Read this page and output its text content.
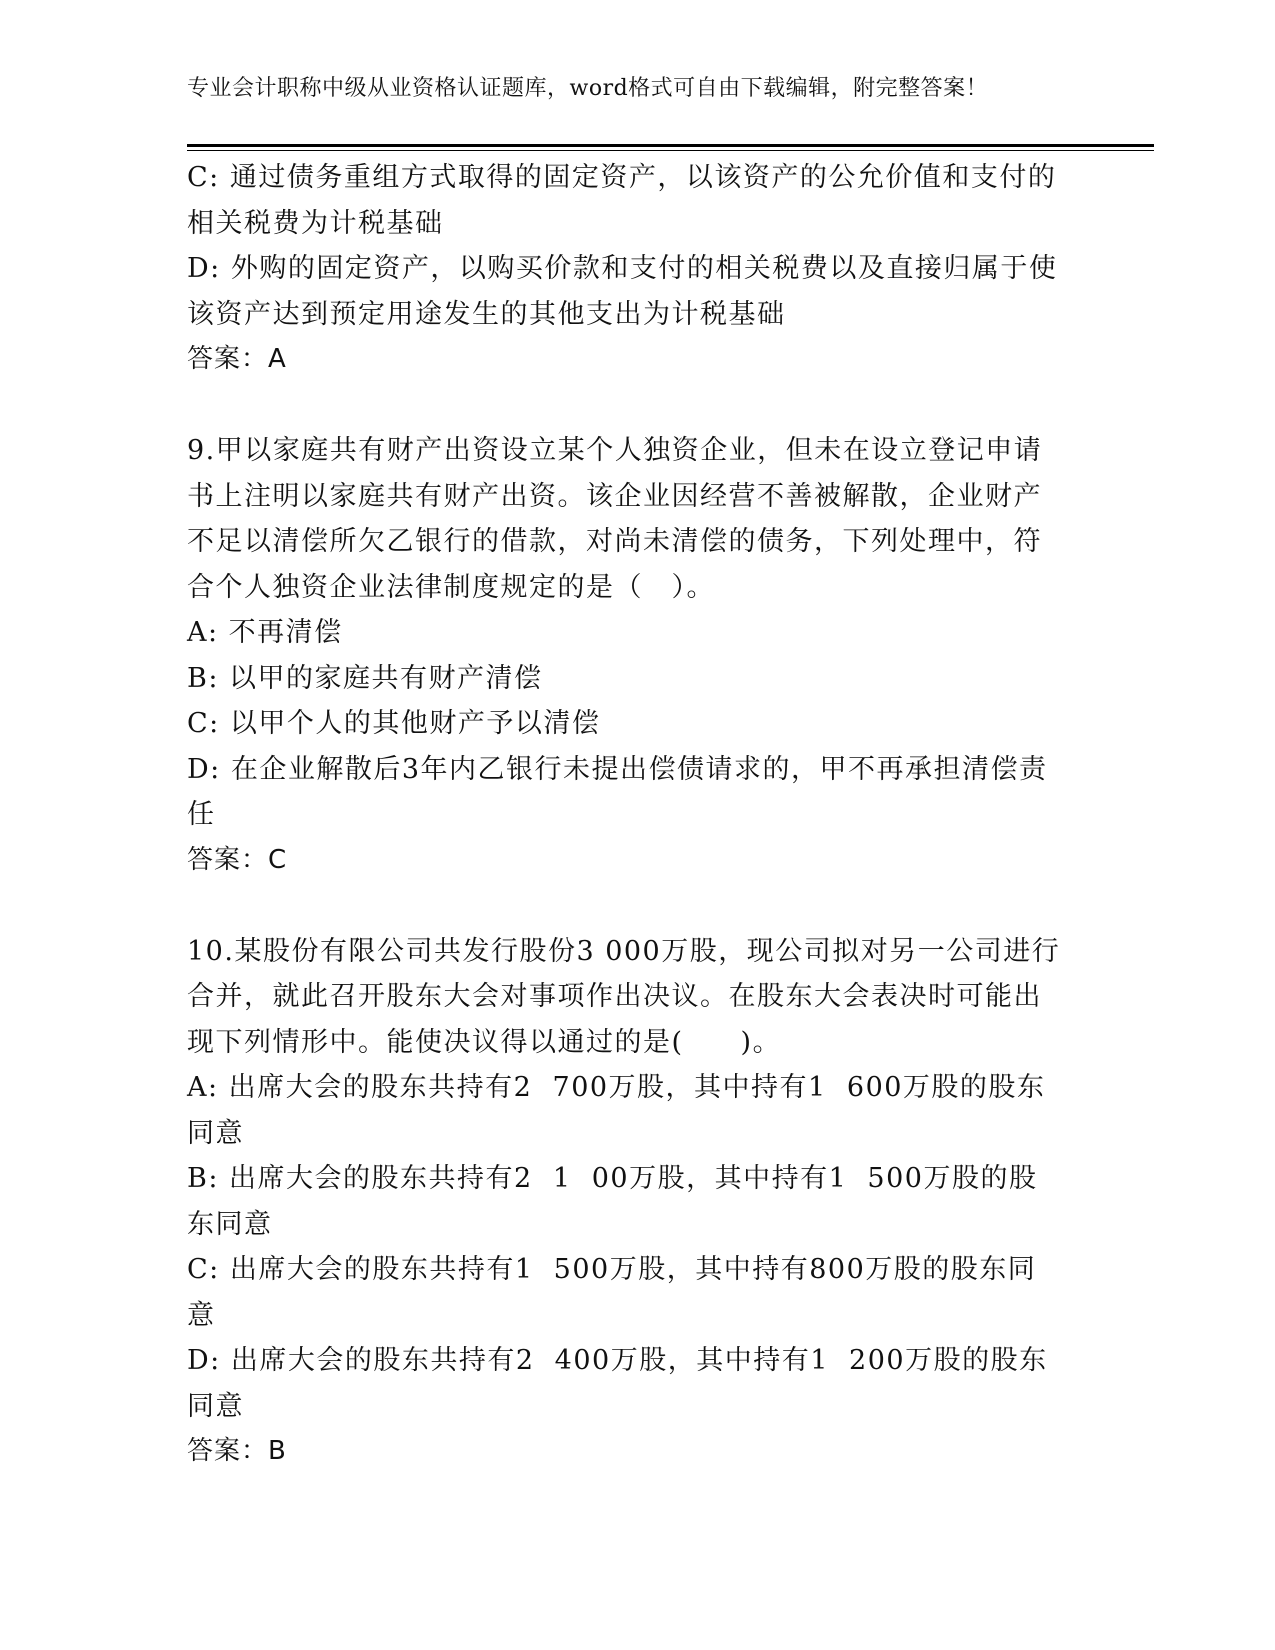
专业会计职称中级从业资格认证题库，word格式可自由下载编辑，附完整答案！
C: 通过债务重组方式取得的固定资产，以该资产的公允价值和支付的
相关税费为计税基础
D: 外购的固定资产，以购买价款和支付的相关税费以及直接归属于使
该资产达到预定用途发生的其他支出为计税基础
答案：A
9.甲以家庭共有财产出资设立某个人独资企业，但未在设立登记申请
书上注明以家庭共有财产出资。该企业因经营不善被解散，企业财产
不足以清偿所欠乙银行的借款，对尚未清偿的债务，下列处理中，符
合个人独资企业法律制度规定的是（　）。
A: 不再清偿
B: 以甲的家庭共有财产清偿
C: 以甲个人的其他财产予以清偿
D: 在企业解散后3年内乙银行未提出偿债请求的，甲不再承担清偿责
任
答案：C
10.某股份有限公司共发行股份3 000万股，现公司拟对另一公司进行
合并，就此召开股东大会对事项作出决议。在股东大会表决时可能出
现下列情形中。能使决议得以通过的是(　　)。
A: 出席大会的股东共持有2  700万股，其中持有1  600万股的股东
同意
B: 出席大会的股东共持有2  1  00万股，其中持有1  500万股的股
东同意
C: 出席大会的股东共持有1  500万股，其中持有800万股的股东同
意
D: 出席大会的股东共持有2  400万股，其中持有1  200万股的股东
同意
答案：B
